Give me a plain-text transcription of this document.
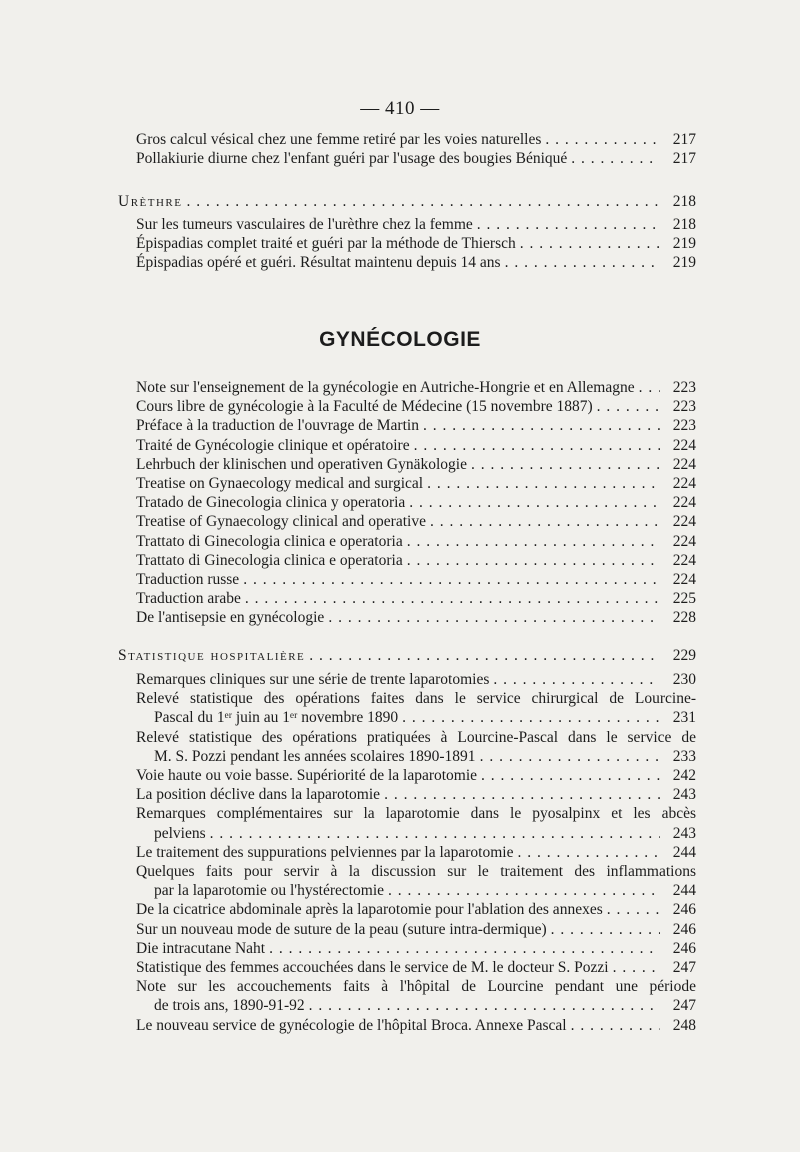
— 410 —
Gros calcul vésical chez une femme retiré par les voies naturelles . . .	217
Pollakiurie diurne chez l'enfant guéri par l'usage des bougies Béniqué . . .	217
Urèthre . . .	218
Sur les tumeurs vasculaires de l'urèthre chez la femme . . .	218
Épispadias complet traité et guéri par la méthode de Thiersch . . .	219
Épispadias opéré et guéri. Résultat maintenu depuis 14 ans . . .	219
GYNÉCOLOGIE
Note sur l'enseignement de la gynécologie en Autriche-Hongrie et en Allemagne . . .	223
Cours libre de gynécologie à la Faculté de Médecine (15 novembre 1887) . . .	223
Préface à la traduction de l'ouvrage de Martin . . .	223
Traité de Gynécologie clinique et opératoire . . .	224
Lehrbuch der klinischen und operativen Gynäkologie . . .	224
Treatise on Gynaecology medical and surgical . . .	224
Tratado de Ginecologia clinica y operatoria . . .	224
Treatise of Gynaecology clinical and operative . . .	224
Trattato di Ginecologia clinica e operatoria . . .	224
Trattato di Ginecologia clinica e operatoria . . .	224
Traduction russe . . .	224
Traduction arabe . . .	225
De l'antisepsie en gynécologie . . .	228
Statistique hospitalière . . .	229
Remarques cliniques sur une série de trente laparotomies . . .	230
Relevé statistique des opérations faites dans le service chirurgical de Lourcine-
Pascal du 1ᵉʳ juin au 1ᵉʳ novembre 1890 . . .	231
Relevé statistique des opérations pratiquées à Lourcine-Pascal dans le service de
M. S. Pozzi pendant les années scolaires 1890-1891 . . .	233
Voie haute ou voie basse. Supériorité de la laparotomie . . .	242
La position déclive dans la laparotomie . . .	243
Remarques complémentaires sur la laparotomie dans le pyosalpinx et les abcès
pelviens . . .	243
Le traitement des suppurations pelviennes par la laparotomie . . .	244
Quelques faits pour servir à la discussion sur le traitement des inflammations
par la laparotomie ou l'hystérectomie . . .	244
De la cicatrice abdominale après la laparotomie pour l'ablation des annexes . . .	246
Sur un nouveau mode de suture de la peau (suture intra-dermique) . . .	246
Die intracutane Naht . . .	246
Statistique des femmes accouchées dans le service de M. le docteur S. Pozzi . . .	247
Note sur les accouchements faits à l'hôpital de Lourcine pendant une période
de trois ans, 1890-91-92 . . .	247
Le nouveau service de gynécologie de l'hôpital Broca. Annexe Pascal . . .	248
